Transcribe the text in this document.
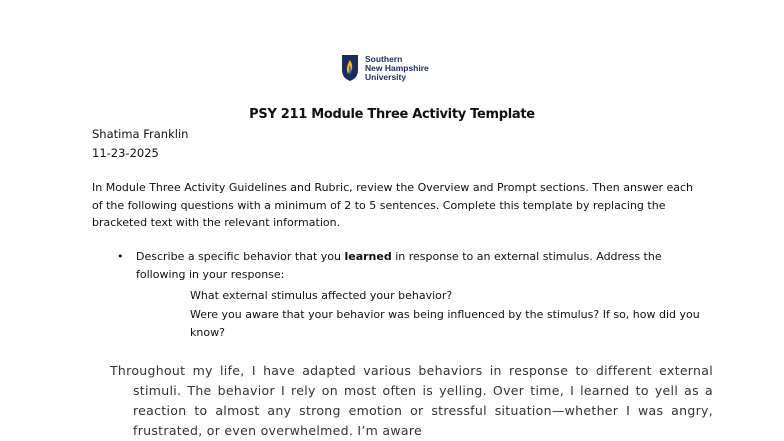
Southern
New Hampshire
University
PSY 211 Module Three Activity Template
Shatima Franklin
11-23-2025
In Module Three Activity Guidelines and Rubric, review the Overview and Prompt sections. Then answer each of the following questions with a minimum of 2 to 5 sentences. Complete this template by replacing the bracketed text with the relevant information.
• Describe a specific behavior that you learned in response to an external stimulus. Address the following in your response:
What external stimulus affected your behavior?
Were you aware that your behavior was being influenced by the stimulus? If so, how did you know?
Throughout my life, I have adapted various behaviors in response to different external stimuli. The behavior I rely on most often is yelling. Over time, I learned to yell as a reaction to almost any strong emotion or stressful situation—whether I was angry, frustrated, or even overwhelmed. I’m aware
